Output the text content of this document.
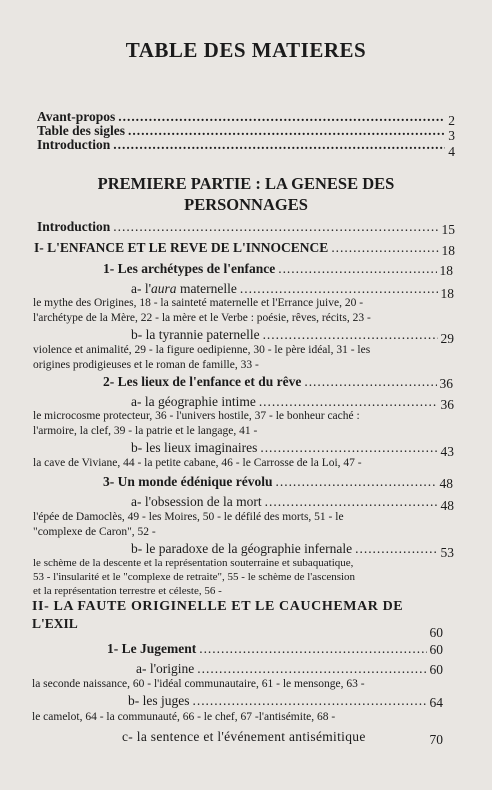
TABLE DES MATIERES
Avant-propos . . .	2
Table des sigles . . .	3
Introduction . . .	4
PREMIERE PARTIE : LA GENESE DES
PERSONNAGES
Introduction . . .	15
I- L'ENFANCE ET LE REVE DE L'INNOCENCE . . .	18
1- Les archétypes de l'enfance . . .	18
a- l'aura maternelle . . .	18
le mythe des Origines, 18 - la sainteté maternelle et l'Errance juive, 20 -
l'archétype de la Mère, 22 - la mère et le Verbe : poésie, rêves, récits, 23 -
b- la tyrannie paternelle . . .	29
violence et animalité, 29 - la figure oedipienne, 30 - le père idéal, 31 - les
origines prodigieuses et le roman de famille, 33 -
2- Les lieux de l'enfance et du rêve . . .	36
a- la géographie intime . . .	36
le microcosme protecteur, 36 - l'univers hostile, 37 - le bonheur caché :
l'armoire, la clef, 39 - la patrie et le langage, 41 -
b- les lieux imaginaires . . .	43
la cave de Viviane, 44 - la petite cabane, 46 - le Carrosse de la Loi, 47 -
3- Un monde édénique révolu . . .	48
a- l'obsession de la mort . . .	48
l'épée de Damoclès, 49 - les Moires, 50 - le défilé des morts, 51 - le
"complexe de Caron", 52 -
b- le paradoxe de la géographie infernale . . .	53
le schème de la descente et la représentation souterraine et subaquatique,
53 - l'insularité et le "complexe de retraite", 55 - le schème de l'ascension
et la représentation terrestre et céleste, 56 -
II- LA FAUTE ORIGINELLE ET LE CAUCHEMAR DE
L'EXIL
60
1- Le Jugement . . .	60
a- l'origine . . .	60
la seconde naissance, 60 - l'idéal communautaire, 61 - le mensonge, 63 -
b- les juges . . .	64
le camelot, 64 - la communauté, 66 - le chef, 67 -l'antisémite, 68 -
c- la sentence et l'événement antisémitique	70
